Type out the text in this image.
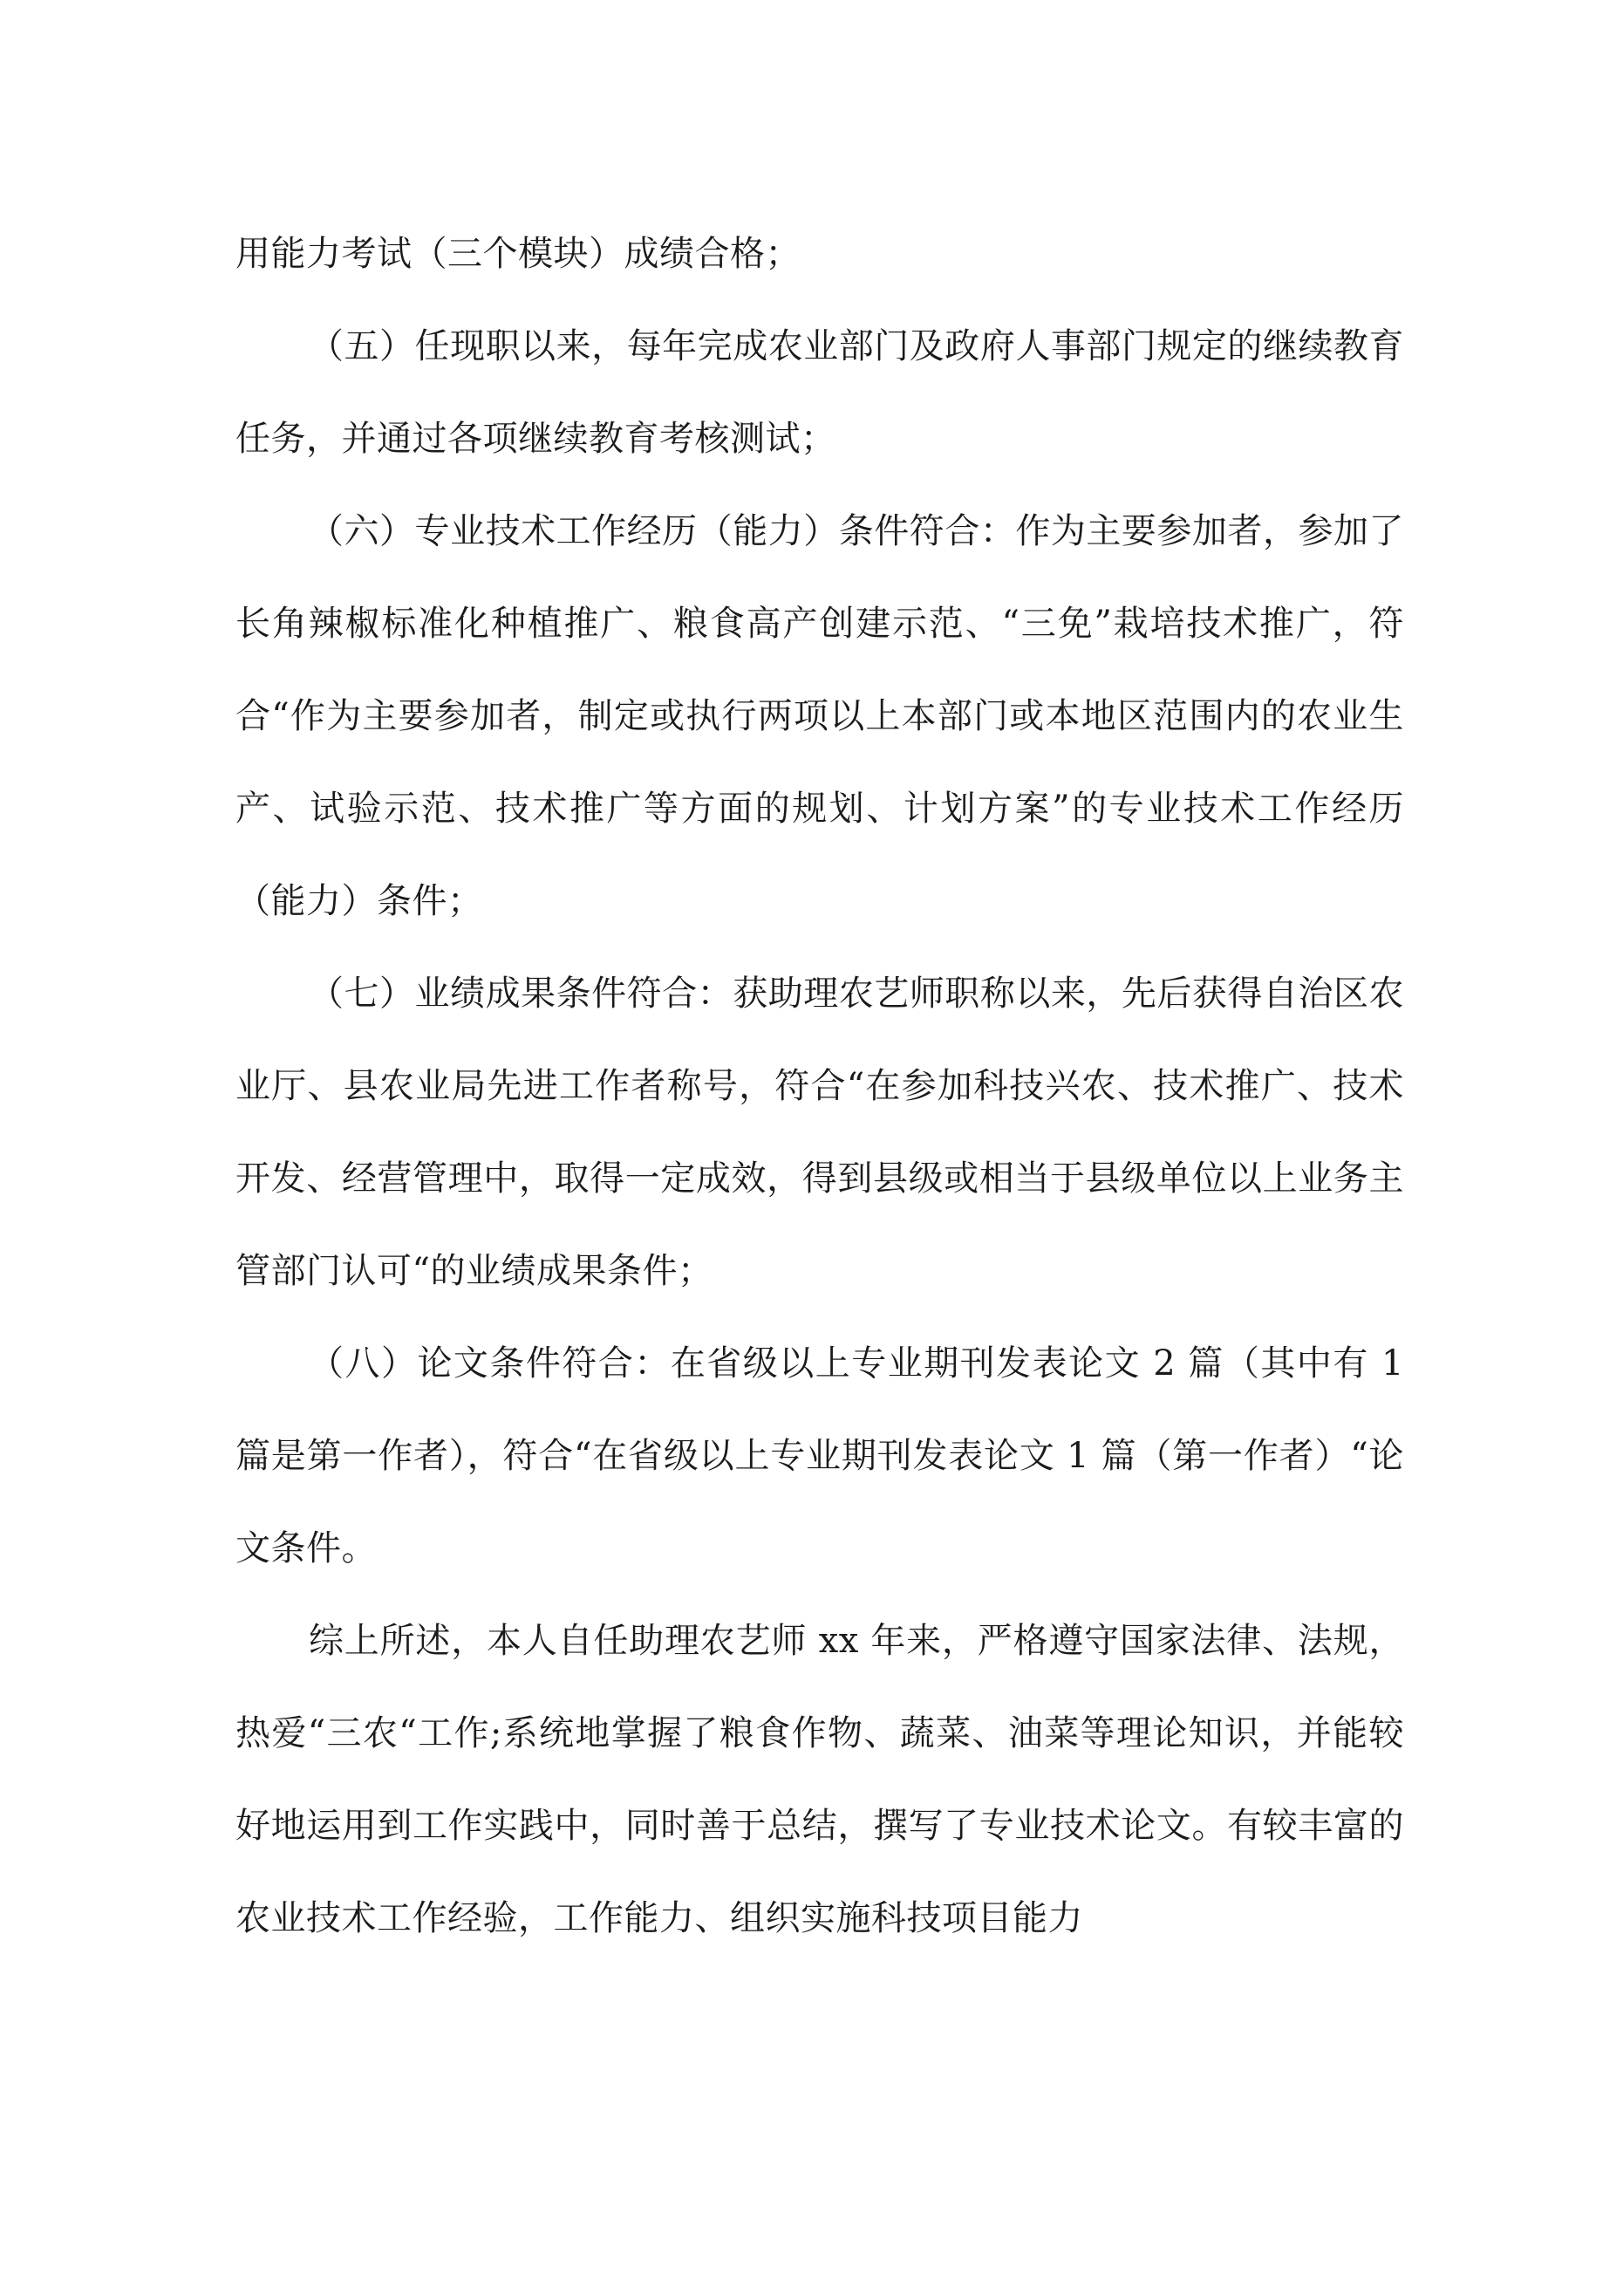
用能力考试（三个模块）成绩合格；

（五）任现职以来，每年完成农业部门及政府人事部门规定的继续教育任务，并通过各项继续教育考核测试；

（六）专业技术工作经历（能力）条件符合：作为主要参加者，参加了长角辣椒标准化种植推广、粮食高产创建示范、“三免”栽培技术推广，符合“作为主要参加者，制定或执行两项以上本部门或本地区范围内的农业生产、试验示范、技术推广等方面的规划、计划方案”的专业技术工作经历（能力）条件；

（七）业绩成果条件符合：获助理农艺师职称以来，先后获得自治区农业厅、县农业局先进工作者称号，符合“在参加科技兴农、技术推广、技术开发、经营管理中，取得一定成效，得到县级或相当于县级单位以上业务主管部门认可“的业绩成果条件；

（八）论文条件符合：在省级以上专业期刊发表论文 2 篇（其中有 1 篇是第一作者），符合“在省级以上专业期刊发表论文 1 篇（第一作者）“论文条件。

综上所述，本人自任助理农艺师 xx 年来，严格遵守国家法律、法规，热爱“三农“工作;系统地掌握了粮食作物、蔬菜、油菜等理论知识，并能较好地运用到工作实践中，同时善于总结，撰写了专业技术论文。有较丰富的农业技术工作经验，工作能力、组织实施科技项目能力
